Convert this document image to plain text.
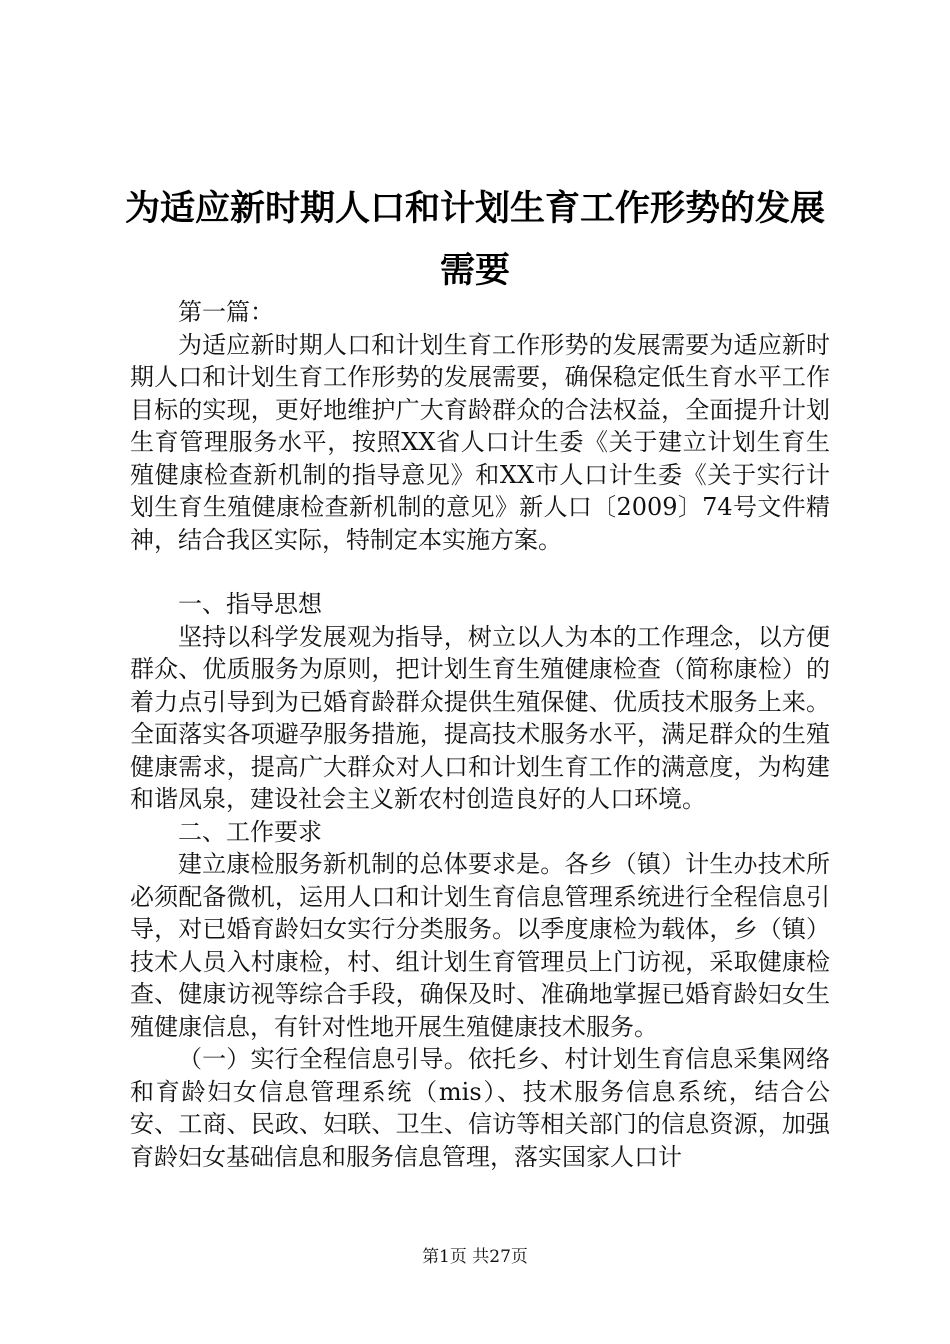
为适应新时期人口和计划生育工作形势的发展
需要

第一篇：

为适应新时期人口和计划生育工作形势的发展需要为适应新时期人口和计划生育工作形势的发展需要，确保稳定低生育水平工作目标的实现，更好地维护广大育龄群众的合法权益，全面提升计划生育管理服务水平，按照XX省人口计生委《关于建立计划生育生殖健康检查新机制的指导意见》和XX市人口计生委《关于实行计划生育生殖健康检查新机制的意见》新人口〔2009〕74号文件精神，结合我区实际，特制定本实施方案。

一、指导思想

坚持以科学发展观为指导，树立以人为本的工作理念，以方便群众、优质服务为原则，把计划生育生殖健康检查（简称康检）的着力点引导到为已婚育龄群众提供生殖保健、优质技术服务上来。全面落实各项避孕服务措施，提高技术服务水平，满足群众的生殖健康需求，提高广大群众对人口和计划生育工作的满意度，为构建和谐凤泉，建设社会主义新农村创造良好的人口环境。

二、工作要求

建立康检服务新机制的总体要求是。各乡（镇）计生办技术所必须配备微机，运用人口和计划生育信息管理系统进行全程信息引导，对已婚育龄妇女实行分类服务。以季度康检为载体，乡（镇）技术人员入村康检，村、组计划生育管理员上门访视，采取健康检查、健康访视等综合手段，确保及时、准确地掌握已婚育龄妇女生殖健康信息，有针对性地开展生殖健康技术服务。

（一）实行全程信息引导。依托乡、村计划生育信息采集网络和育龄妇女信息管理系统（mis）、技术服务信息系统，结合公安、工商、民政、妇联、卫生、信访等相关部门的信息资源，加强育龄妇女基础信息和服务信息管理，落实国家人口计

第1页 共27页
